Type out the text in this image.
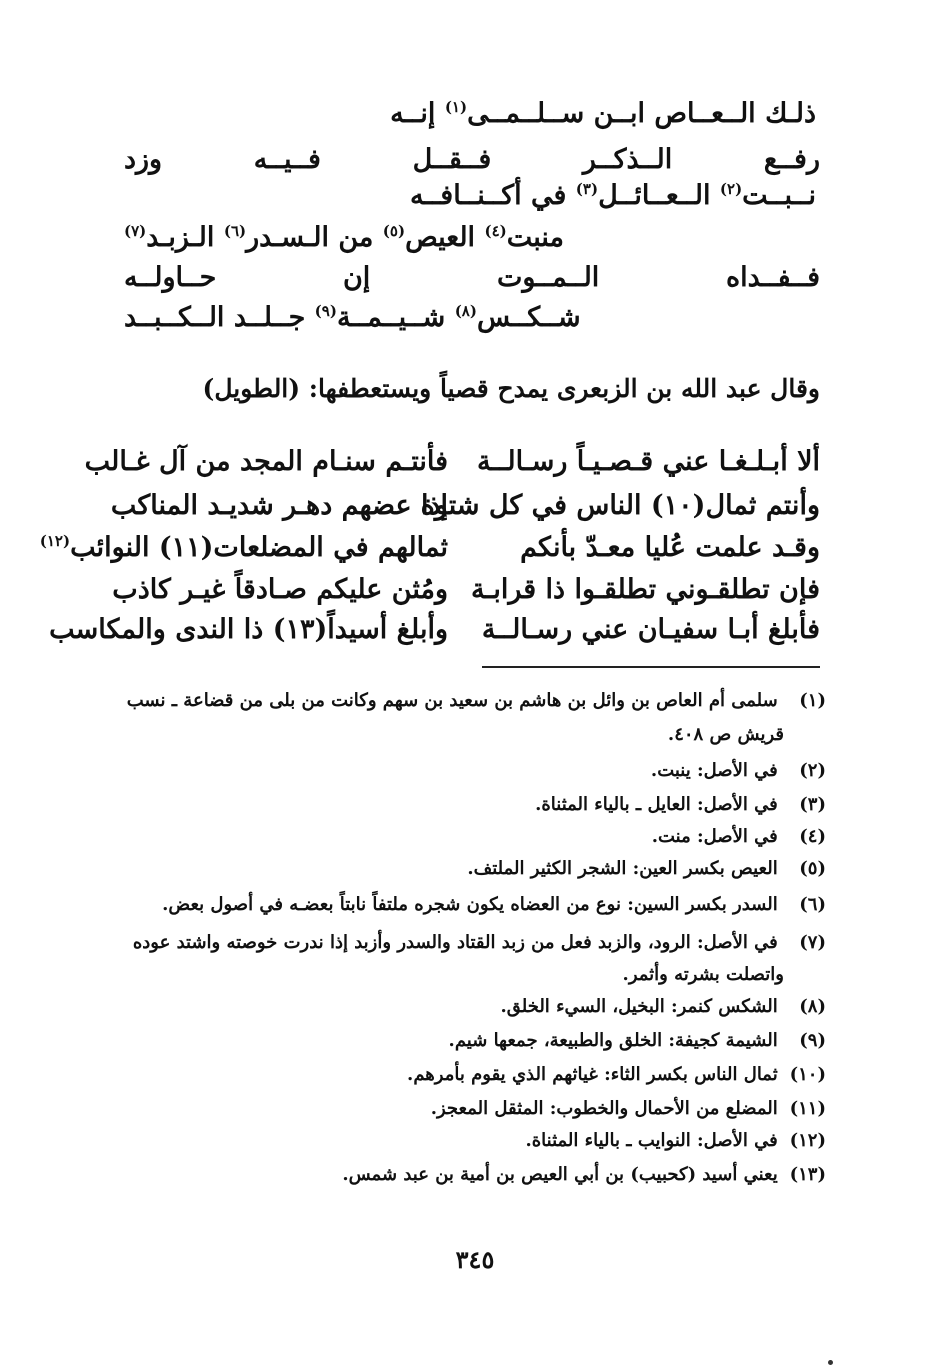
ذلـك الــعــاص ابــن ســلــمــى$^{(١)}$ إنــه
رفــع الــذكــر فــقــل فــيــه وزد
نــبــت$^{(٢)}$ الــعــائــل$^{(٣)}$ في أكــنــافــه
منبت$^{(٤)}$ العيص$^{(٥)}$ من الـسـدر$^{(٦)}$ الـزبـد$^{(٧)}$
فــفــداه الــمــوت إن حــاولــه
شــكــس$^{(٨)}$ شــيــمــة$^{(٩)}$ جــلــد الــكــبــد
وقال عبد الله بن الزبعرى يمدح قصياً ويستعطفها: (الطويل)
ألا أبـلـغـا عني قـصـيـاً رسـالــة
فأنتـم سنـام المجد من آل غـالب
وأنتم ثمال(١٠) الناس في كل شتوة
إذا عضهم دهـر شديـد المناكب
وقـد علمت عُليا معـدّ بأنكم
ثمالهم في المضلعات(١١) النوائب$^{(١٢)}$
فإن تطلقـوني تطلقـوا ذا قرابـة
ومُثن عليكم صـادقاً غيـر كاذب
فأبلغ أبـا سفيـان عني رسـالــة
وأبلغ أسيداً(١٣) ذا الندى والمكاسب
(١) سلمى أم العاص بن وائل بن هاشم بن سعيد بن سهم وكانت من بلى من قضاعة ـ نسب
قريش ص ٤٠٨.
(٢) في الأصل: ينبت.
(٣) في الأصل: العايل ـ بالياء المثناة.
(٤) في الأصل: منت.
(٥) العيص بكسر العين: الشجر الكثير الملتف.
(٦) السدر بكسر السين: نوع من العضاه يكون شجره ملتفاً نابتاً بعضـه في أصول بعض.
(٧) في الأصل: الرود، والزبد فعل من زبد القتاد والسدر وأزبد إذا ندرت خوصته واشتد عوده
واتصلت بشرته وأثمر.
(٨) الشكس كنمر: البخيل، السيء الخلق.
(٩) الشيمة كجيفة: الخلق والطبيعة، جمعها شيم.
(١٠) ثمال الناس بكسر الثاء: غياثهم الذي يقوم بأمرهم.
(١١) المضلع من الأحمال والخطوب: المثقل المعجز.
(١٢) في الأصل: النوايب ـ بالياء المثناة.
(١٣) يعني أسيد (كحبيب) بن أبي العيص بن أمية بن عبد شمس.
٣٤٥
